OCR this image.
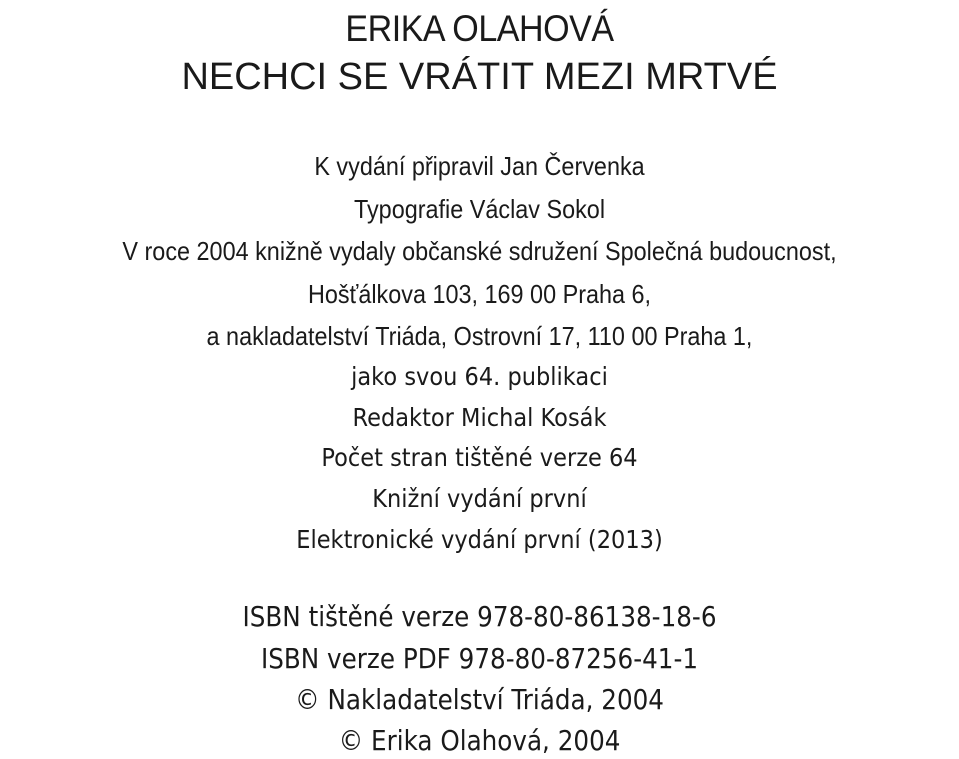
ERIKA OLAHOVÁ
NECHCI SE VRÁTIT MEZI MRTVÉ
K vydání připravil Jan Červenka
Typografie Václav Sokol
V roce 2004 knižně vydaly občanské sdružení Společná budoucnost,
Hošťálkova 103, 169 00 Praha 6,
a nakladatelství Triáda, Ostrovní 17, 110 00 Praha 1,
jako svou 64. publikaci
Redaktor Michal Kosák
Počet stran tištěné verze 64
Knižní vydání první
Elektronické vydání první (2013)
ISBN tištěné verze 978-80-86138-18-6
ISBN verze PDF 978-80-87256-41-1
© Nakladatelství Triáda, 2004
© Erika Olahová, 2004
